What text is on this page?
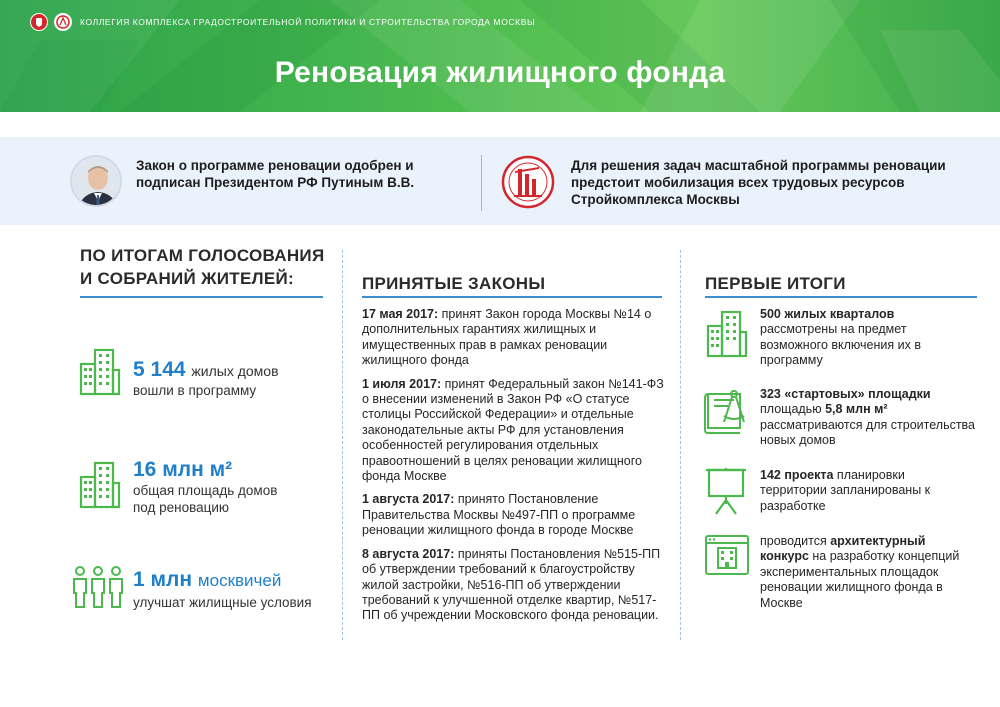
КОЛЛЕГИЯ КОМПЛЕКСА ГРАДОСТРОИТЕЛЬНОЙ ПОЛИТИКИ И СТРОИТЕЛЬСТВА ГОРОДА МОСКВЫ
Реновация жилищного фонда
Закон о программе реновации одобрен и подписан Президентом РФ Путиным В.В.
Для решения задач масштабной программы реновации предстоит мобилизация всех трудовых ресурсов Стройкомплекса Москвы
ПО ИТОГАМ ГОЛОСОВАНИЯ
И СОБРАНИЙ ЖИТЕЛЕЙ:
5 144 жилых домов
вошли в программу
16 млн м²
общая площадь домов под реновацию
1 млн москвичей
улучшат жилищные условия
ПРИНЯТЫЕ ЗАКОНЫ
17 мая 2017: принят Закон города Москвы №14 о дополнительных гарантиях жилищных и имущественных прав в рамках реновации жилищного фонда
1 июля 2017: принят Федеральный закон №141-ФЗ о внесении изменений в Закон РФ «О статусе столицы Российской Федерации» и отдельные законодательные акты РФ для установления особенностей регулирования отдельных правоотношений в целях реновации жилищного фонда Москве
1 августа 2017: принято Постановление Правительства Москвы №497-ПП о программе реновации жилищного фонда в городе Москве
8 августа 2017: приняты Постановления №515-ПП об утверждении требований к благоустройству жилой застройки, №516-ПП об утверждении требований к улучшенной отделке квартир, №517-ПП об учреждении Московского фонда реновации.
ПЕРВЫЕ ИТОГИ
500 жилых кварталов рассмотрены на предмет возможного включения их в программу
323 «стартовых» площадки площадью 5,8 млн м² рассматриваются для строительства новых домов
142 проекта планировки территории запланированы к разработке
проводится архитектурный конкурс на разработку концепций экспериментальных площадок реновации жилищного фонда в Москве
